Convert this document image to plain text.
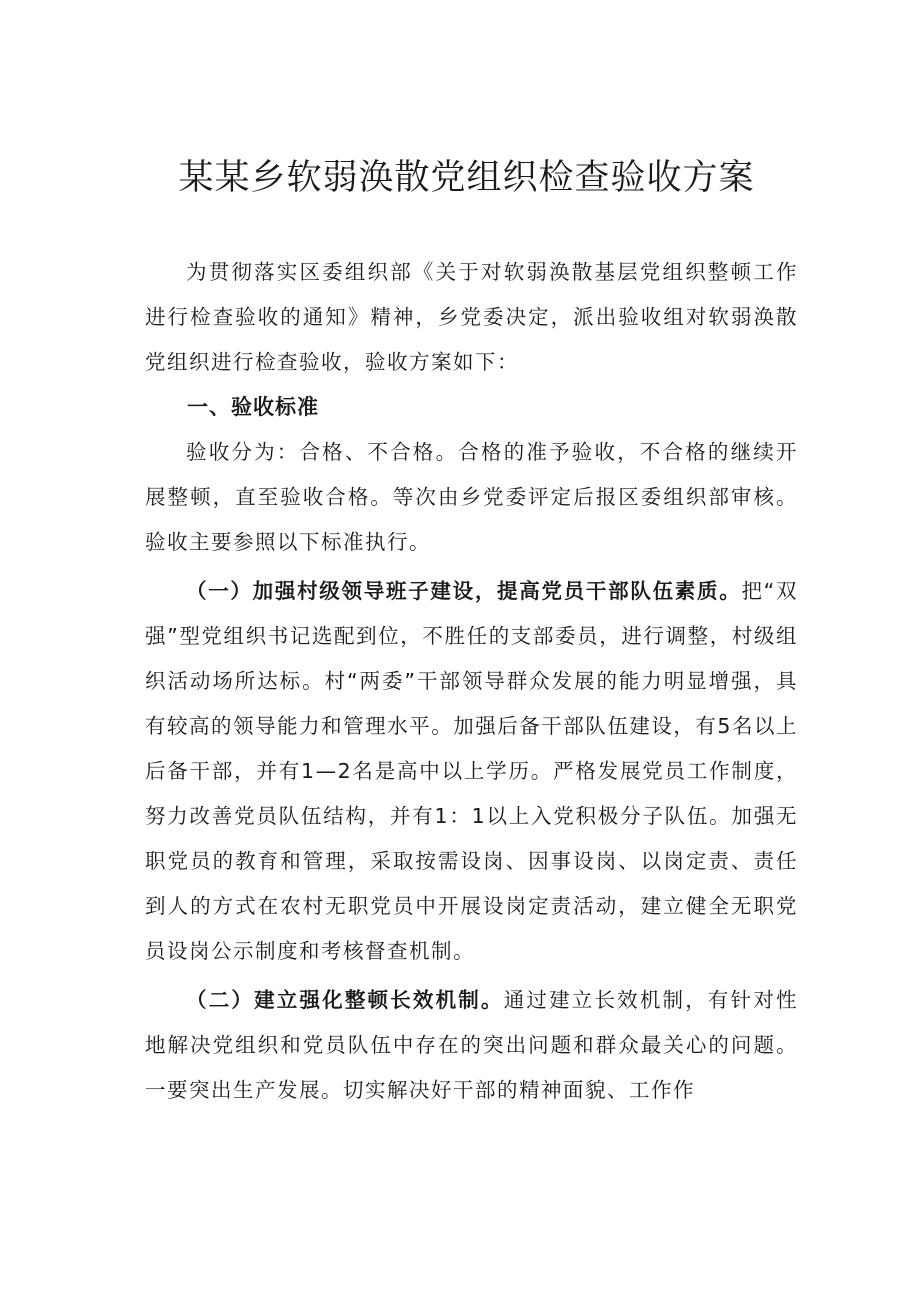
某某乡软弱涣散党组织检查验收方案

为贯彻落实区委组织部《关于对软弱涣散基层党组织整顿工作进行检查验收的通知》精神，乡党委决定，派出验收组对软弱涣散党组织进行检查验收，验收方案如下：

一、验收标准

验收分为：合格、不合格。合格的准予验收，不合格的继续开展整顿，直至验收合格。等次由乡党委评定后报区委组织部审核。验收主要参照以下标准执行。

（一）加强村级领导班子建设，提高党员干部队伍素质。把“双强”型党组织书记选配到位，不胜任的支部委员，进行调整，村级组织活动场所达标。村“两委”干部领导群众发展的能力明显增强，具有较高的领导能力和管理水平。加强后备干部队伍建设，有5名以上后备干部，并有1—2名是高中以上学历。严格发展党员工作制度，努力改善党员队伍结构，并有1：1以上入党积极分子队伍。加强无职党员的教育和管理，采取按需设岗、因事设岗、以岗定责、责任到人的方式在农村无职党员中开展设岗定责活动，建立健全无职党员设岗公示制度和考核督查机制。

（二）建立强化整顿长效机制。通过建立长效机制，有针对性地解决党组织和党员队伍中存在的突出问题和群众最关心的问题。一要突出生产发展。切实解决好干部的精神面貌、工作作
